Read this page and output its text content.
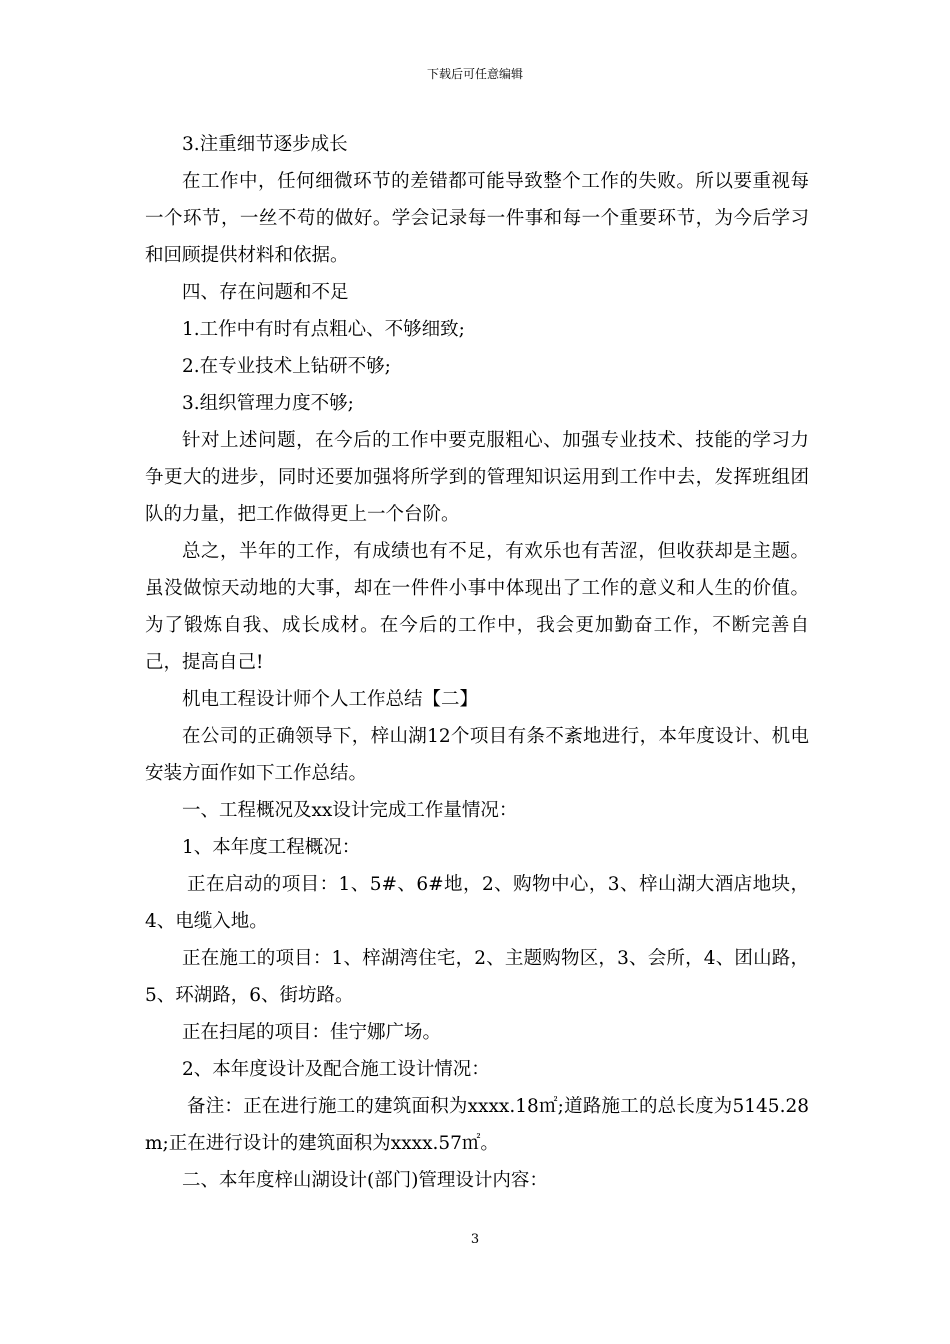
下载后可任意编辑

3.注重细节逐步成长

在工作中，任何细微环节的差错都可能导致整个工作的失败。所以要重视每一个环节，一丝不苟的做好。学会记录每一件事和每一个重要环节，为今后学习和回顾提供材料和依据。

四、存在问题和不足

1.工作中有时有点粗心、不够细致;

2.在专业技术上钻研不够;

3.组织管理力度不够;

针对上述问题，在今后的工作中要克服粗心、加强专业技术、技能的学习力争更大的进步，同时还要加强将所学到的管理知识运用到工作中去，发挥班组团队的力量，把工作做得更上一个台阶。

总之，半年的工作，有成绩也有不足，有欢乐也有苦涩，但收获却是主题。虽没做惊天动地的大事，却在一件件小事中体现出了工作的意义和人生的价值。为了锻炼自我、成长成材。在今后的工作中，我会更加勤奋工作，不断完善自己，提高自己!

机电工程设计师个人工作总结【二】

在公司的正确领导下，梓山湖12个项目有条不紊地进行，本年度设计、机电安装方面作如下工作总结。

一、工程概况及xx设计完成工作量情况：

1、本年度工程概况：

正在启动的项目：1、5#、6#地，2、购物中心，3、梓山湖大酒店地块，4、电缆入地。

正在施工的项目：1、梓湖湾住宅，2、主题购物区，3、会所，4、团山路，5、环湖路，6、街坊路。

正在扫尾的项目：佳宁娜广场。

2、本年度设计及配合施工设计情况：

备注：正在进行施工的建筑面积为xxxx.18㎡;道路施工的总长度为5145.28m;正在进行设计的建筑面积为xxxx.57㎡。

二、本年度梓山湖设计(部门)管理设计内容：

3
